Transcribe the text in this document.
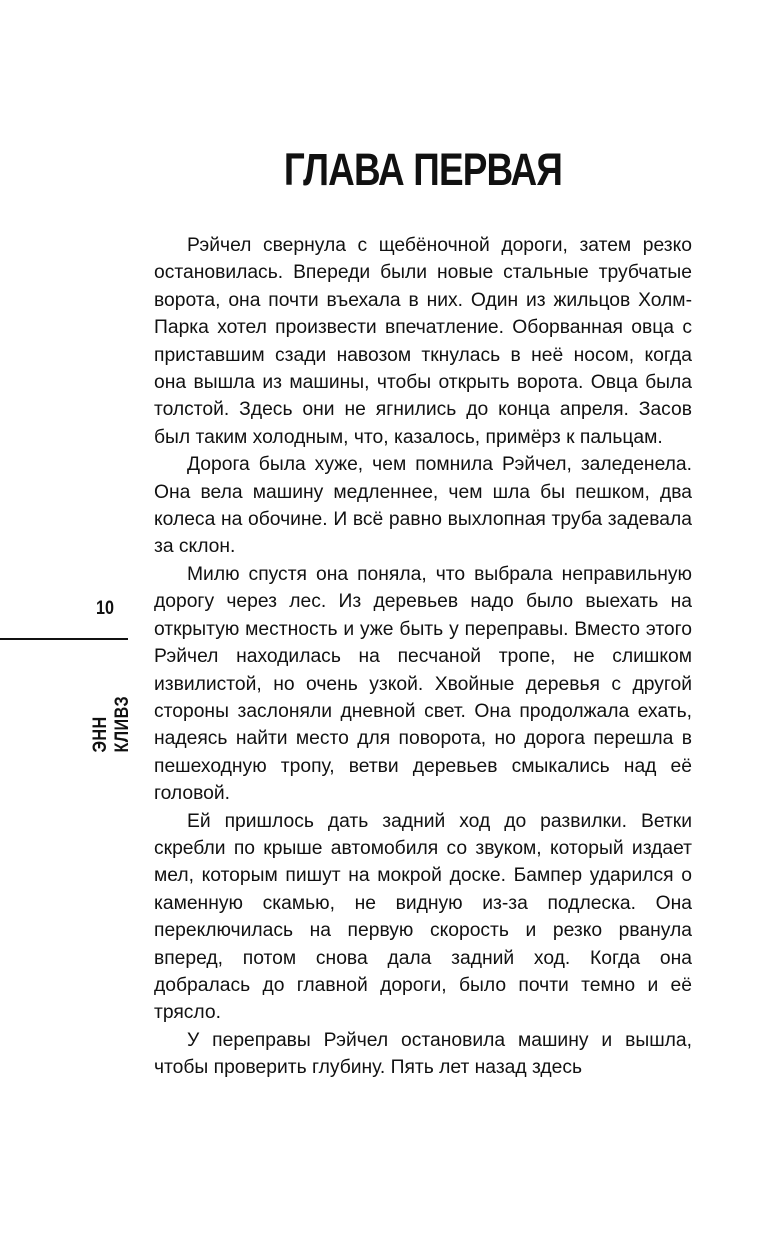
ГЛАВА ПЕРВАЯ

Рэйчел свернула с щебёночной дороги, затем резко остановилась. Впереди были новые стальные трубчатые ворота, она почти въехала в них. Один из жильцов Холм-Парка хотел произвести впечатление. Оборванная овца с приставшим сзади навозом ткнулась в неё носом, когда она вышла из машины, чтобы открыть ворота. Овца была толстой. Здесь они не ягнились до конца апреля. Засов был таким холодным, что, казалось, примёрз к пальцам.

Дорога была хуже, чем помнила Рэйчел, заледенела. Она вела машину медленнее, чем шла бы пешком, два колеса на обочине. И всё равно выхлопная труба задевала за склон.

Милю спустя она поняла, что выбрала неправильную дорогу через лес. Из деревьев надо было выехать на открытую местность и уже быть у переправы. Вместо этого Рэйчел находилась на песчаной тропе, не слишком извилистой, но очень узкой. Хвойные деревья с другой стороны заслоняли дневной свет. Она продолжала ехать, надеясь найти место для поворота, но дорога перешла в пешеходную тропу, ветви деревьев смыкались над её головой.

Ей пришлось дать задний ход до развилки. Ветки скребли по крыше автомобиля со звуком, который издает мел, которым пишут на мокрой доске. Бампер ударился о каменную скамью, не видную из-за подлеска. Она переключилась на первую скорость и резко рванула вперед, потом снова дала задний ход. Когда она добралась до главной дороги, было почти темно и её трясло.

У переправы Рэйчел остановила машину и вышла, чтобы проверить глубину. Пять лет назад здесь

10
ЭНН КЛИВЗ
